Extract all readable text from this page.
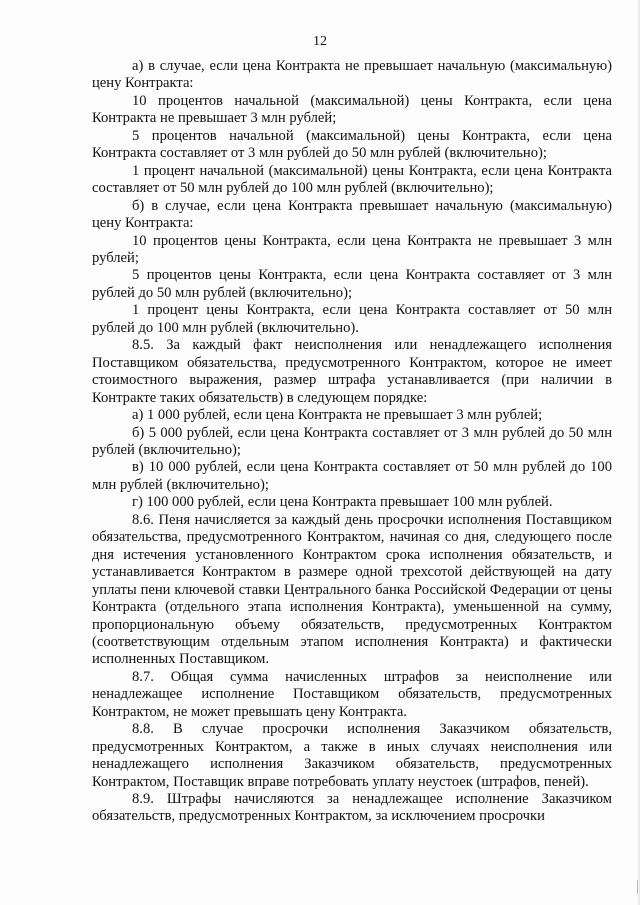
12

а) в случае, если цена Контракта не превышает начальную (максимальную) цену Контракта:

10 процентов начальной (максимальной) цены Контракта, если цена Контракта не превышает 3 млн рублей;

5 процентов начальной (максимальной) цены Контракта, если цена Контракта составляет от 3 млн рублей до 50 млн рублей (включительно);

1 процент начальной (максимальной) цены Контракта, если цена Контракта составляет от 50 млн рублей до 100 млн рублей (включительно);

б) в случае, если цена Контракта превышает начальную (максимальную) цену Контракта:

10 процентов цены Контракта, если цена Контракта не превышает 3 млн рублей;

5 процентов цены Контракта, если цена Контракта составляет от 3 млн рублей до 50 млн рублей (включительно);

1 процент цены Контракта, если цена Контракта составляет от 50 млн рублей до 100 млн рублей (включительно).

8.5. За каждый факт неисполнения или ненадлежащего исполнения Поставщиком обязательства, предусмотренного Контрактом, которое не имеет стоимостного выражения, размер штрафа устанавливается (при наличии в Контракте таких обязательств) в следующем порядке:

а) 1 000 рублей, если цена Контракта не превышает 3 млн рублей;

б) 5 000 рублей, если цена Контракта составляет от 3 млн рублей до 50 млн рублей (включительно);

в) 10 000 рублей, если цена Контракта составляет от 50 млн рублей до 100 млн рублей (включительно);

г) 100 000 рублей, если цена Контракта превышает 100 млн рублей.

8.6. Пеня начисляется за каждый день просрочки исполнения Поставщиком обязательства, предусмотренного Контрактом, начиная со дня, следующего после дня истечения установленного Контрактом срока исполнения обязательств, и устанавливается Контрактом в размере одной трехсотой действующей на дату уплаты пени ключевой ставки Центрального банка Российской Федерации от цены Контракта (отдельного этапа исполнения Контракта), уменьшенной на сумму, пропорциональную объему обязательств, предусмотренных Контрактом (соответствующим отдельным этапом исполнения Контракта) и фактически исполненных Поставщиком.

8.7. Общая сумма начисленных штрафов за неисполнение или ненадлежащее исполнение Поставщиком обязательств, предусмотренных Контрактом, не может превышать цену Контракта.

8.8. В случае просрочки исполнения Заказчиком обязательств, предусмотренных Контрактом, а также в иных случаях неисполнения или ненадлежащего исполнения Заказчиком обязательств, предусмотренных Контрактом, Поставщик вправе потребовать уплату неустоек (штрафов, пеней).

8.9. Штрафы начисляются за ненадлежащее исполнение Заказчиком обязательств, предусмотренных Контрактом, за исключением просрочки
